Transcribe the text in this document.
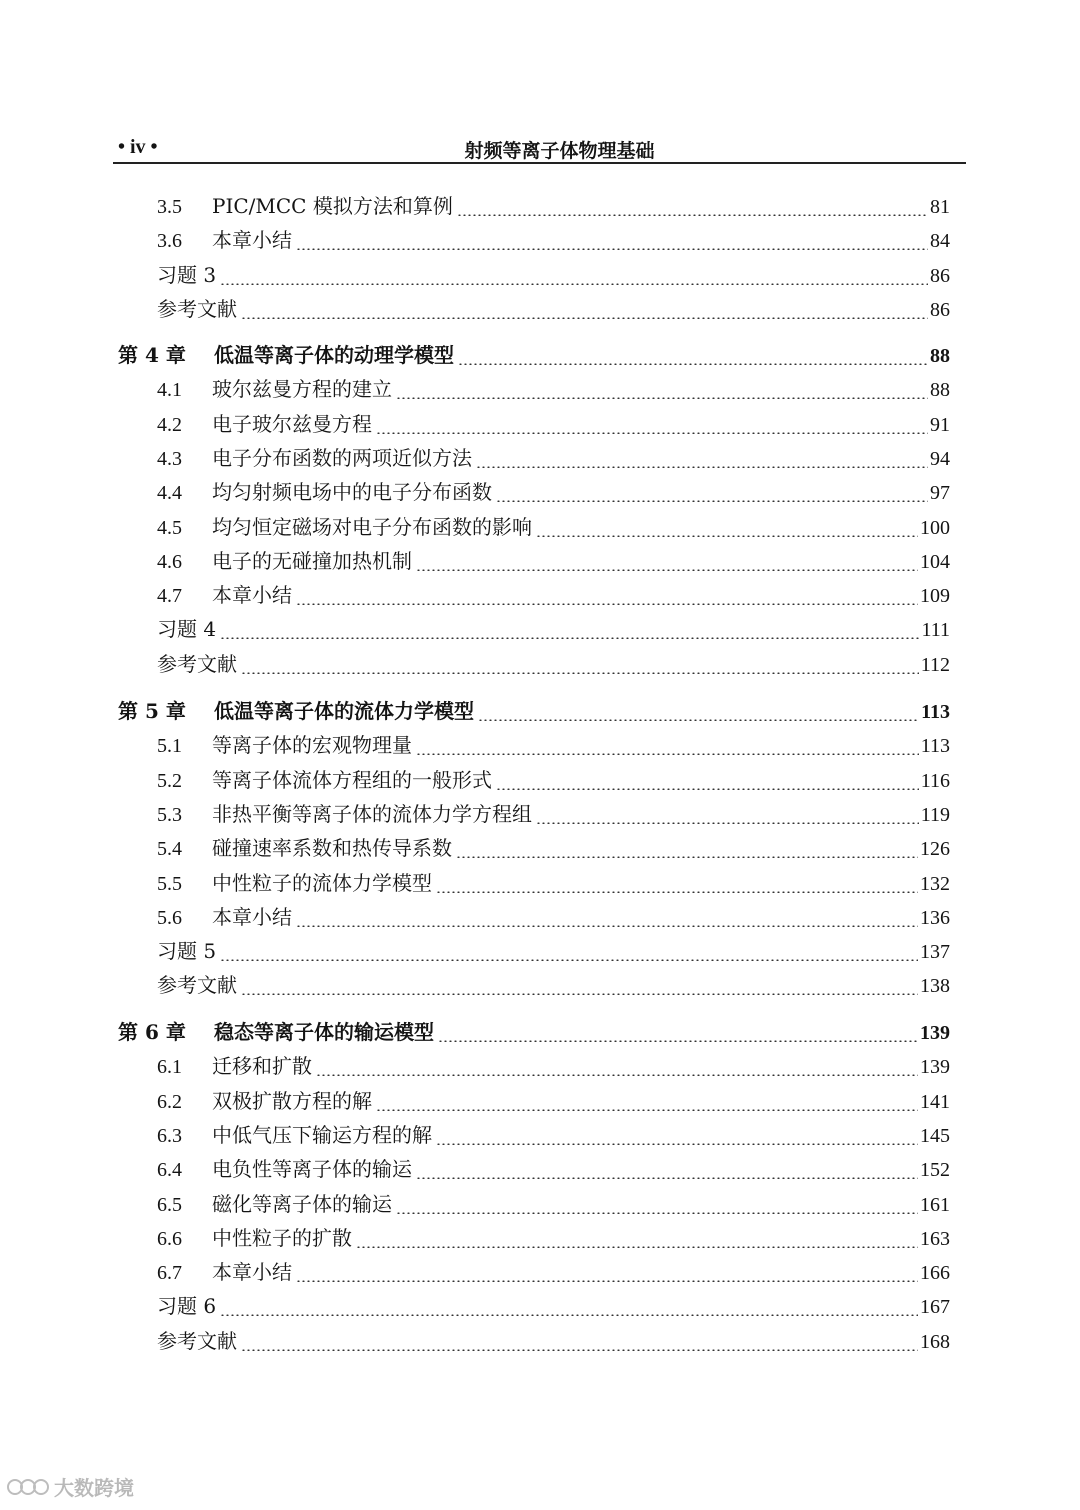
• iv •	射频等离子体物理基础
3.5	PIC/MCC 模拟方法和算例	81
3.6	本章小结	84
习题 3	86
参考文献	86
第 4 章	低温等离子体的动理学模型	88
4.1	玻尔兹曼方程的建立	88
4.2	电子玻尔兹曼方程	91
4.3	电子分布函数的两项近似方法	94
4.4	均匀射频电场中的电子分布函数	97
4.5	均匀恒定磁场对电子分布函数的影响	100
4.6	电子的无碰撞加热机制	104
4.7	本章小结	109
习题 4	111
参考文献	112
第 5 章	低温等离子体的流体力学模型	113
5.1	等离子体的宏观物理量	113
5.2	等离子体流体方程组的一般形式	116
5.3	非热平衡等离子体的流体力学方程组	119
5.4	碰撞速率系数和热传导系数	126
5.5	中性粒子的流体力学模型	132
5.6	本章小结	136
习题 5	137
参考文献	138
第 6 章	稳态等离子体的输运模型	139
6.1	迁移和扩散	139
6.2	双极扩散方程的解	141
6.3	中低气压下输运方程的解	145
6.4	电负性等离子体的输运	152
6.5	磁化等离子体的输运	161
6.6	中性粒子的扩散	163
6.7	本章小结	166
习题 6	167
参考文献	168
大数跨境
